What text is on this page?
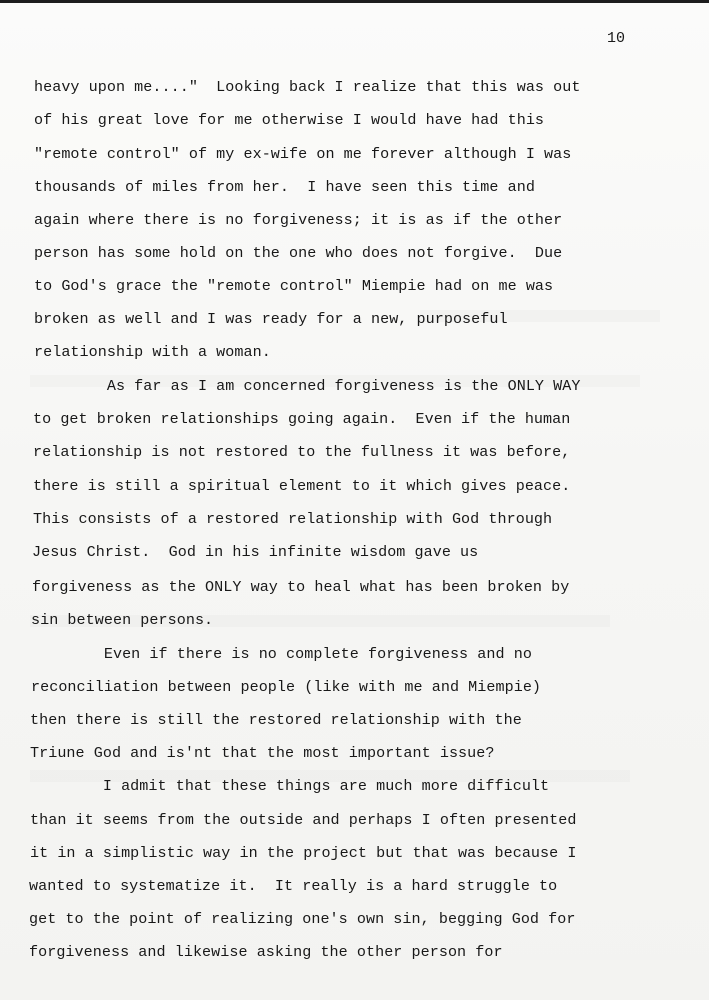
10
heavy upon me...."  Looking back I realize that this was out
of his great love for me otherwise I would have had this
"remote control" of my ex-wife on me forever although I was
thousands of miles from her.  I have seen this time and
again where there is no forgiveness; it is as if the other
person has some hold on the one who does not forgive.  Due
to God's grace the "remote control" Miempie had on me was
broken as well and I was ready for a new, purposeful
relationship with a woman.
As far as I am concerned forgiveness is the ONLY WAY
to get broken relationships going again.  Even if the human
relationship is not restored to the fullness it was before,
there is still a spiritual element to it which gives peace.
This consists of a restored relationship with God through
Jesus Christ.  God in his infinite wisdom gave us
forgiveness as the ONLY way to heal what has been broken by
sin between persons.
Even if there is no complete forgiveness and no
reconciliation between people (like with me and Miempie)
then there is still the restored relationship with the
Triune God and is'nt that the most important issue?
I admit that these things are much more difficult
than it seems from the outside and perhaps I often presented
it in a simplistic way in the project but that was because I
wanted to systematize it.  It really is a hard struggle to
get to the point of realizing one's own sin, begging God for
forgiveness and likewise asking the other person for
